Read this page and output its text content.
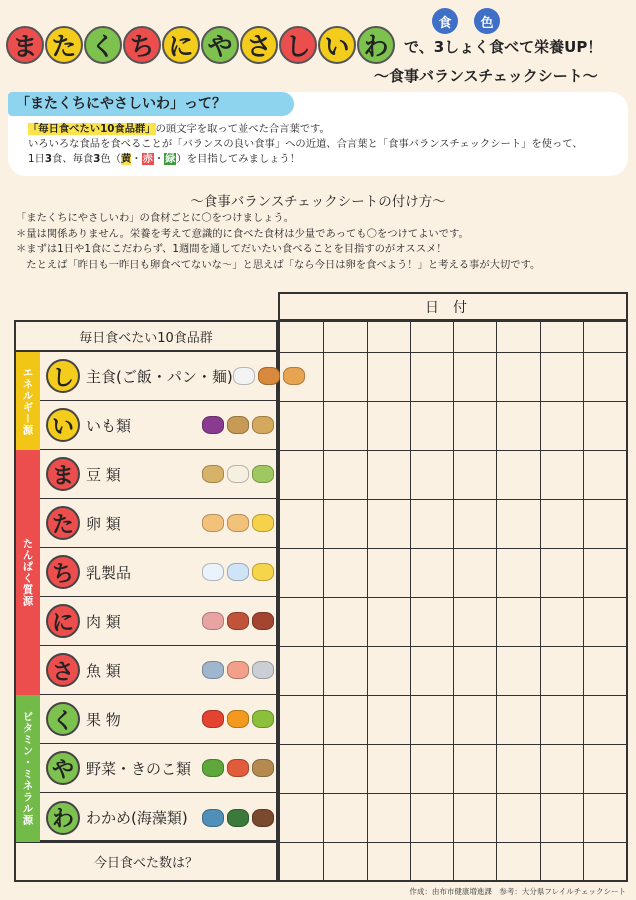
ま た く ち に や さ し い わ
食	色
で、3しょく食べて栄養UP！
〜食事バランスチェックシート〜
「またくちにやさしいわ」って？
「毎日食べたい10食品群」の頭文字を取って並べた合言葉です。
いろいろな食品を食べることが「バランスの良い食事」への近道、合言葉と「食事バランスチェックシート」を使って、
1日3食、毎食3色（黄・赤・緑）を目指してみましょう！
〜食事バランスチェックシートの付け方〜
「またくちにやさしいわ」の食材ごとに〇をつけましょう。
＊量は関係ありません。栄養を考えて意識的に食べた食材は少量であっても〇をつけてよいです。
＊まずは1日や1食にこだわらず、1週間を通してだいたい食べることを目指すのがオススメ！
　たとえば「昨日も一昨日も卵食べてないな〜」と思えば「なら今日は卵を食べよう！」と考える事が大切です。
日付
毎日食べたい10食品群
エネルギー源
たんぱく質源
ビタミン・ミネラル源
し 主食(ご飯・パン・麺)
い いも類
ま 豆 類
た 卵 類
ち 乳製品
に 肉 類
さ 魚 類
く 果 物
や 野菜・きのこ類
わ わかめ(海藻類)
今日食べた数は？
作成：由布市健康増進課　参考：大分県フレイルチェックシート
